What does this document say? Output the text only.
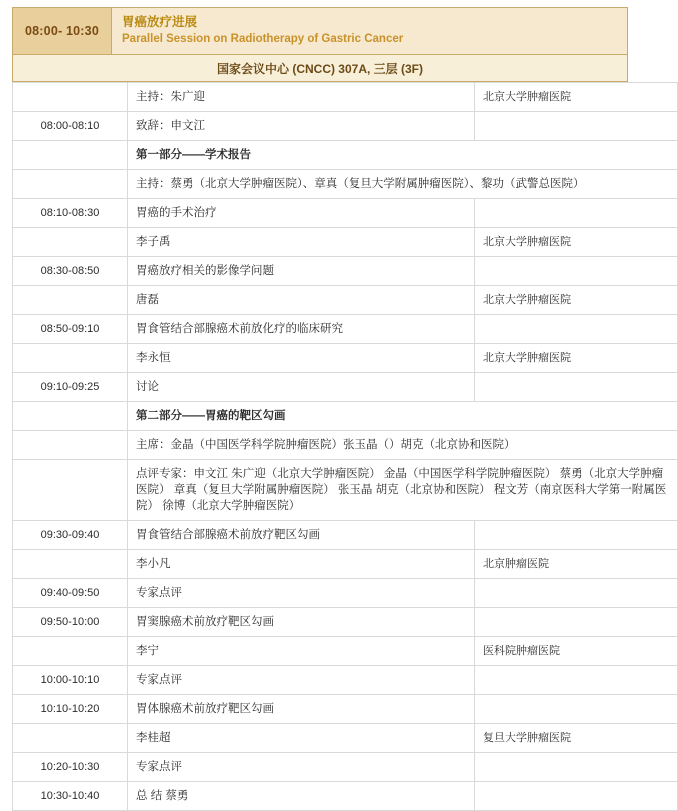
08:00- 10:30
胃癌放疗进展
Parallel Session on Radiotherapy of Gastric Cancer
国家会议中心 (CNCC) 307A, 三层 (3F)
	主持：朱广迎	北京大学肿瘤医院
08:00-08:10	致辞：申文江	
	第一部分——学术报告	
	主持：蔡勇（北京大学肿瘤医院）、章真（复旦大学附属肿瘤医院）、黎功（武警总医院）	
08:10-08:30	胃癌的手术治疗	
	李子禹	北京大学肿瘤医院
08:30-08:50	胃癌放疗相关的影像学问题	
	唐磊	北京大学肿瘤医院
08:50-09:10	胃食管结合部腺癌术前放化疗的临床研究	
	李永恒	北京大学肿瘤医院
09:10-09:25	讨论	
	第二部分——胃癌的靶区勾画	
	主席：金晶（中国医学科学院肿瘤医院）张玉晶（）胡克（北京协和医院）	
	点评专家：申文江 朱广迎（北京大学肿瘤医院） 金晶（中国医学科学院肿瘤医院） 蔡勇（北京大学肿瘤医院） 章真（复旦大学附属肿瘤医院） 张玉晶 胡克（北京协和医院） 程文芳（南京医科大学第一附属医院） 徐博（北京大学肿瘤医院）	
09:30-09:40	胃食管结合部腺癌术前放疗靶区勾画	
	李小凡	北京肿瘤医院
09:40-09:50	专家点评	
09:50-10:00	胃窦腺癌术前放疗靶区勾画	
	李宁	医科院肿瘤医院
10:00-10:10	专家点评	
10:10-10:20	胃体腺癌术前放疗靶区勾画	
	李桂超	复旦大学肿瘤医院
10:20-10:30	专家点评	
10:30-10:40	总 结 蔡勇	
